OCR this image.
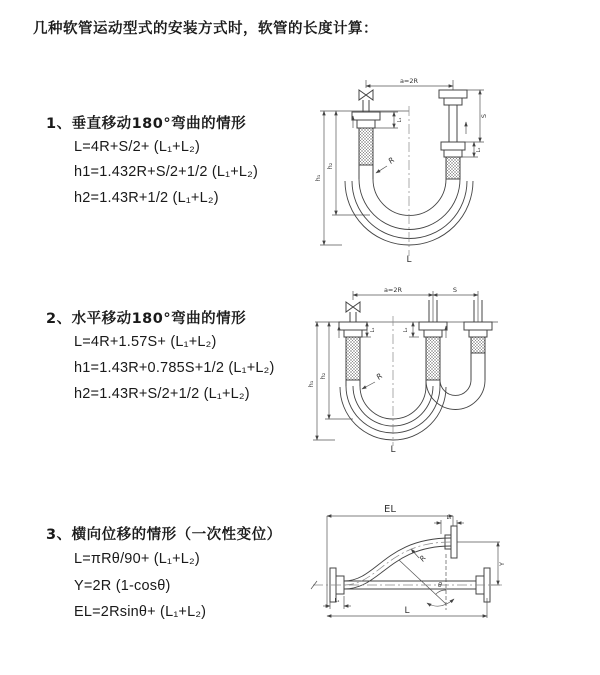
几种软管运动型式的安装方式时，软管的长度计算：
1、垂直移动180°弯曲的情形
L=4R+S/2+ (L₁+L₂)
h1=1.432R+S/2+1/2 (L₁+L₂)
h2=1.43R+1/2 (L₁+L₂)
a=2R
L₁
S
L₂
h₁
h₂
R
L
2、水平移动180°弯曲的情形
L=4R+1.57S+ (L₁+L₂)
h1=1.43R+0.785S+1/2 (L₁+L₂)
h2=1.43R+S/2+1/2 (L₁+L₂)
a=2R	S
L₁	L₂
h₁
h₂	R
L
3、横向位移的情形（一次性变位）
L=πRθ/90+ (L₁+L₂)
Y=2R (1-cosθ)
EL=2Rsinθ+ (L₁+L₂)
EL
L₁
Y
L
L₁
R
θ
